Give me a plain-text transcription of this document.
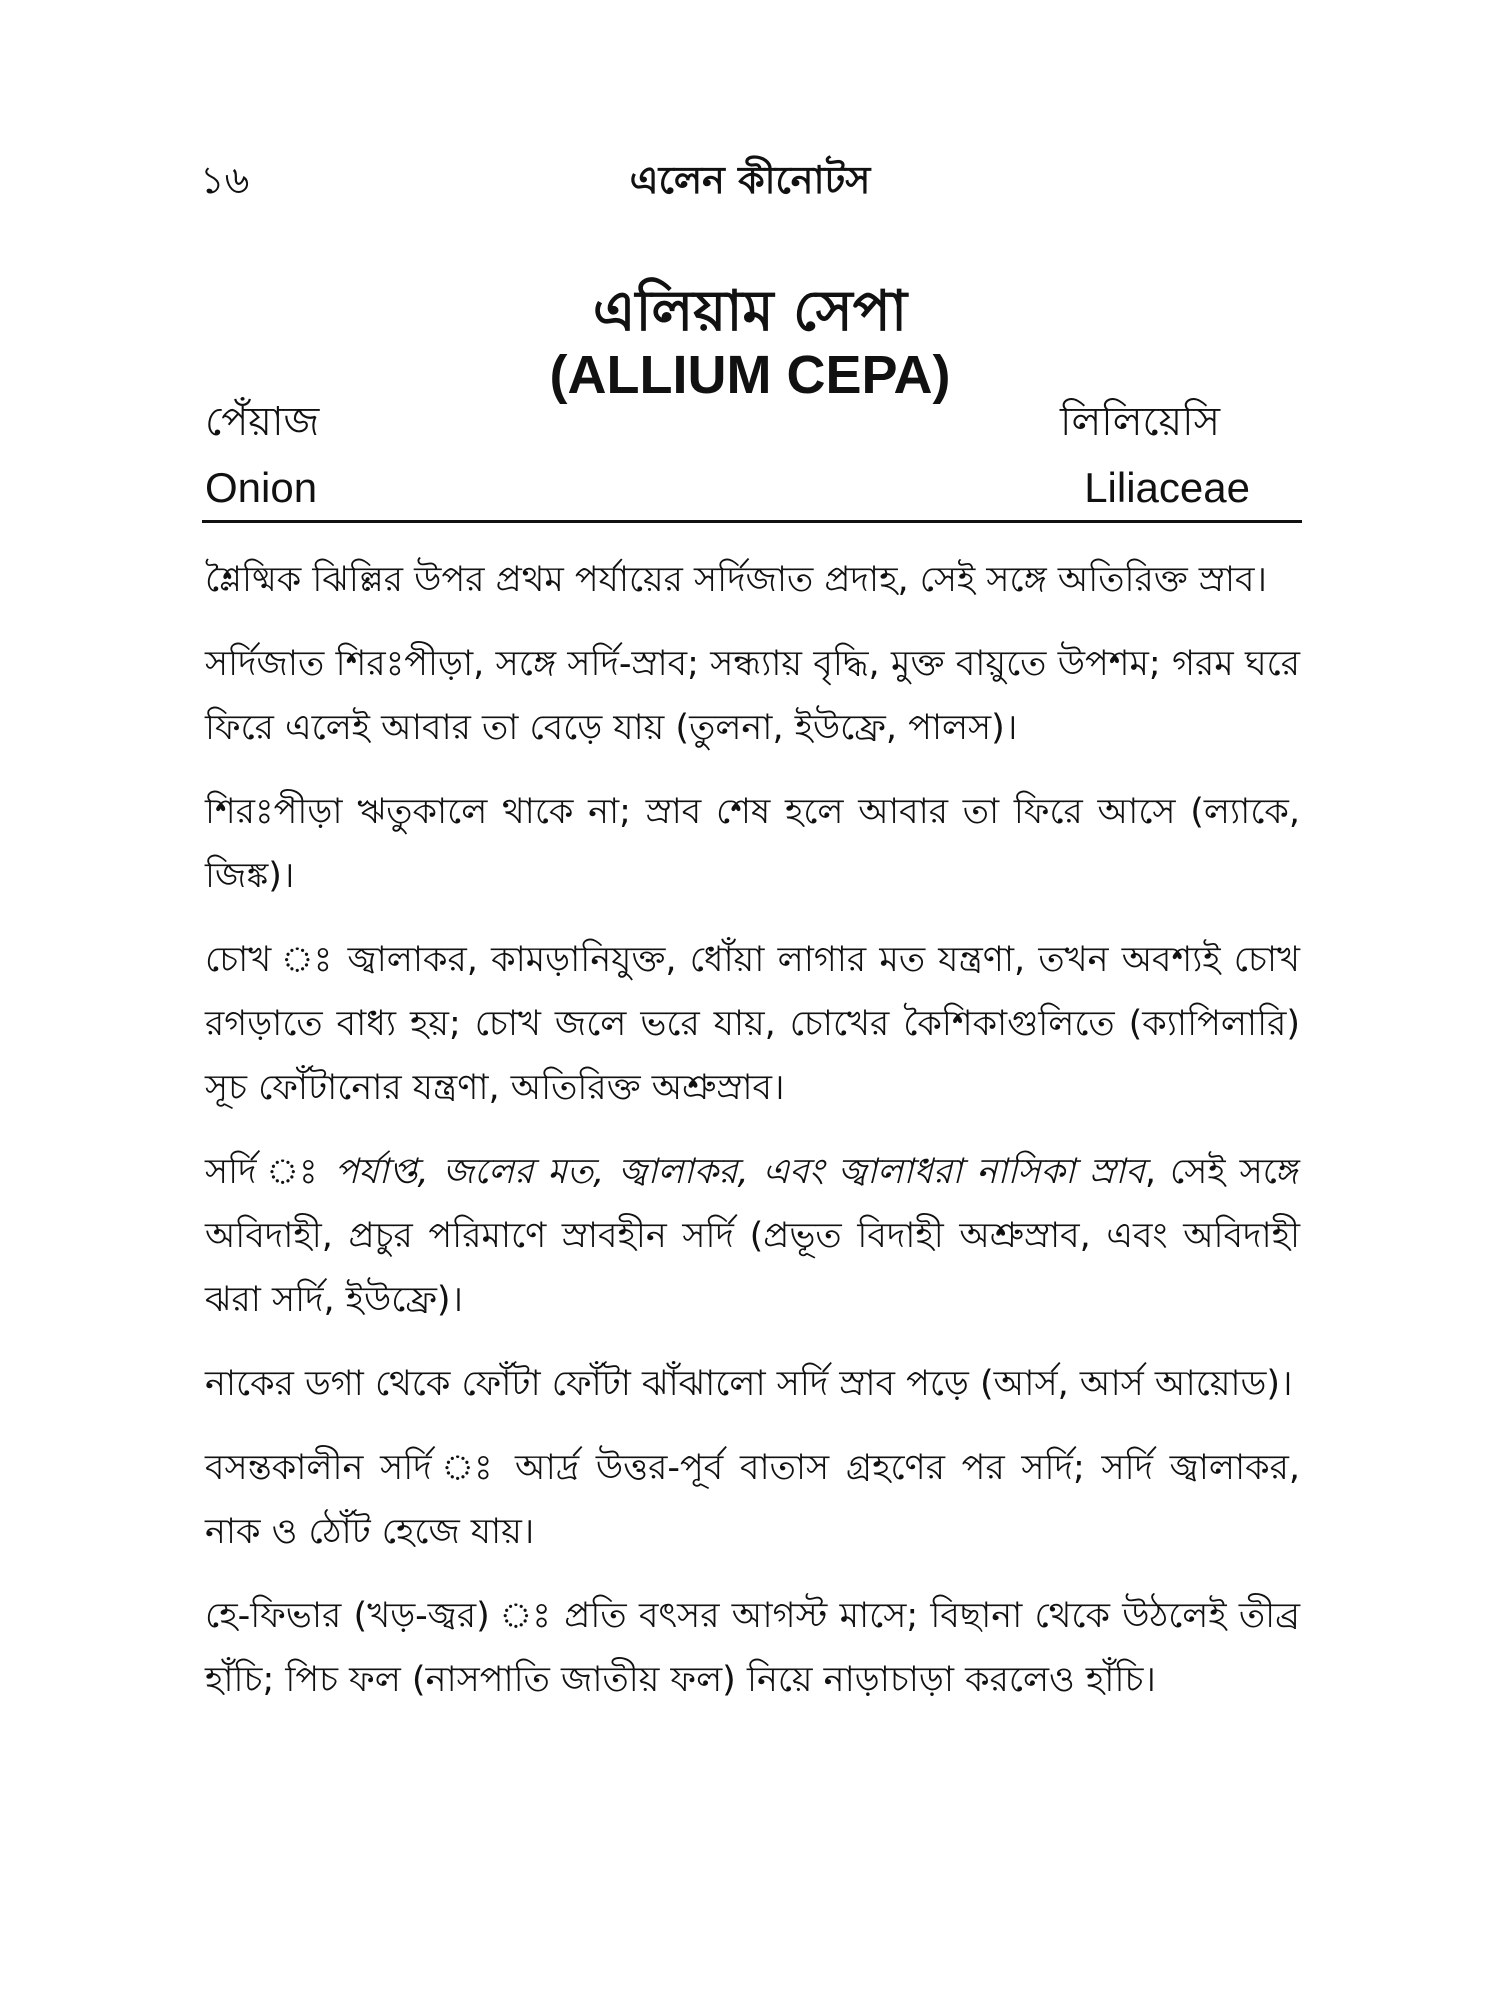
১৬	এলেন কীনোটস
এলিয়াম সেপা
(ALLIUM CEPA)
পেঁয়াজ	লিলিয়েসি
Onion	Liliaceae

শ্লৈষ্মিক ঝিল্লির উপর প্রথম পর্যায়ের সর্দিজাত প্রদাহ, সেই সঙ্গে অতিরিক্ত স্রাব।

সর্দিজাত শিরঃপীড়া, সঙ্গে সর্দি-স্রাব; সন্ধ্যায় বৃদ্ধি, মুক্ত বায়ুতে উপশম; গরম ঘরে ফিরে এলেই আবার তা বেড়ে যায় (তুলনা, ইউফ্রে, পালস)।

শিরঃপীড়া ঋতুকালে থাকে না; স্রাব শেষ হলে আবার তা ফিরে আসে (ল্যাকে, জিঙ্ক)।

চোখ ঃ জ্বালাকর, কামড়ানিযুক্ত, ধোঁয়া লাগার মত যন্ত্রণা, তখন অবশ্যই চোখ রগড়াতে বাধ্য হয়; চোখ জলে ভরে যায়, চোখের কৈশিকাগুলিতে (ক্যাপিলারি) সূচ ফোঁটানোর যন্ত্রণা, অতিরিক্ত অশ্রুস্রাব।

সর্দি ঃ পর্যাপ্ত, জলের মত, জ্বালাকর, এবং জ্বালাধরা নাসিকা স্রাব, সেই সঙ্গে অবিদাহী, প্রচুর পরিমাণে স্রাবহীন সর্দি (প্রভূত বিদাহী অশ্রুস্রাব, এবং অবিদাহী ঝরা সর্দি, ইউফ্রে)।

নাকের ডগা থেকে ফোঁটা ফোঁটা ঝাঁঝালো সর্দি স্রাব পড়ে (আর্স, আর্স আয়োড)।

বসন্তকালীন সর্দি ঃ আর্দ্র উত্তর-পূর্ব বাতাস গ্রহণের পর সর্দি; সর্দি জ্বালাকর, নাক ও ঠোঁট হেজে যায়।

হে-ফিভার (খড়-জ্বর) ঃ প্রতি বৎসর আগস্ট মাসে; বিছানা থেকে উঠলেই তীব্র হাঁচি; পিচ ফল (নাসপাতি জাতীয় ফল) নিয়ে নাড়াচাড়া করলেও হাঁচি।
